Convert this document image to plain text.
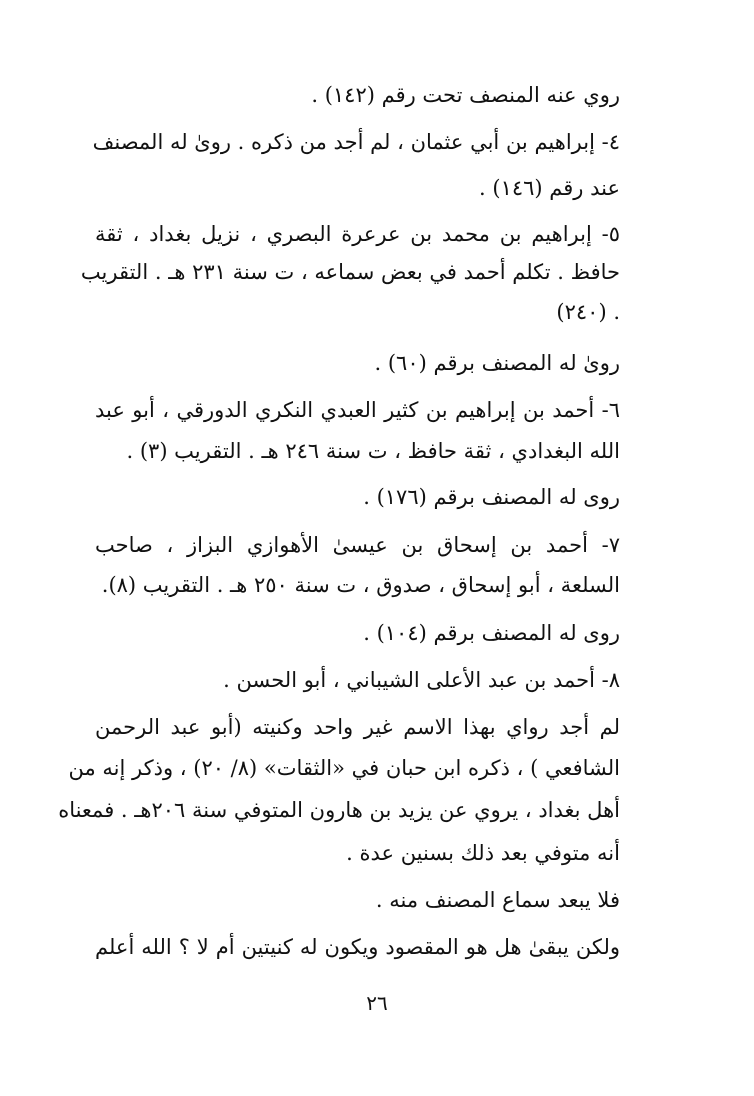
روي عنه المنصف تحت رقم (١٤٢) .
٤- إبراهيم بن أبي عثمان ، لم أجد من ذكره . روىٰ له المصنف
عند رقم (١٤٦) .
٥- إبراهيم بن محمد بن عرعرة البصري ، نزيل بغداد ، ثقة
حافظ . تكلم أحمد في بعض سماعه ، ت سنة ٢٣١ هـ . التقريب
. (٢٤٠)
روىٰ له المصنف برقم (٦٠) .
٦- أحمد بن إبراهيم بن كثير العبدي النكري الدورقي ، أبو عبد
الله البغدادي ، ثقة حافظ ، ت سنة ٢٤٦ هـ . التقريب (٣) .
روى له المصنف برقم (١٧٦) .
٧- أحمد بن إسحاق بن عيسىٰ الأهوازي البزاز ، صاحب
السلعة ، أبو إسحاق ، صدوق ، ت سنة ٢٥٠ هـ . التقريب (٨).
روى له المصنف برقم (١٠٤) .
٨- أحمد بن عبد الأعلى الشيباني ، أبو الحسن .
لم أجد رواي بهذا الاسم غير واحد وكنيته (أبو عبد الرحمن
الشافعي ) ، ذكره ابن حبان في «الثقات» (٨/ ٢٠) ، وذكر إنه من
أهل بغداد ، يروي عن يزيد بن هارون المتوفي سنة ٢٠٦هـ . فمعناه
أنه متوفي بعد ذلك بسنين عدة .
فلا يبعد سماع المصنف منه .
ولكن يبقىٰ هل هو المقصود ويكون له كنيتين أم لا ؟ الله أعلم
٢٦
